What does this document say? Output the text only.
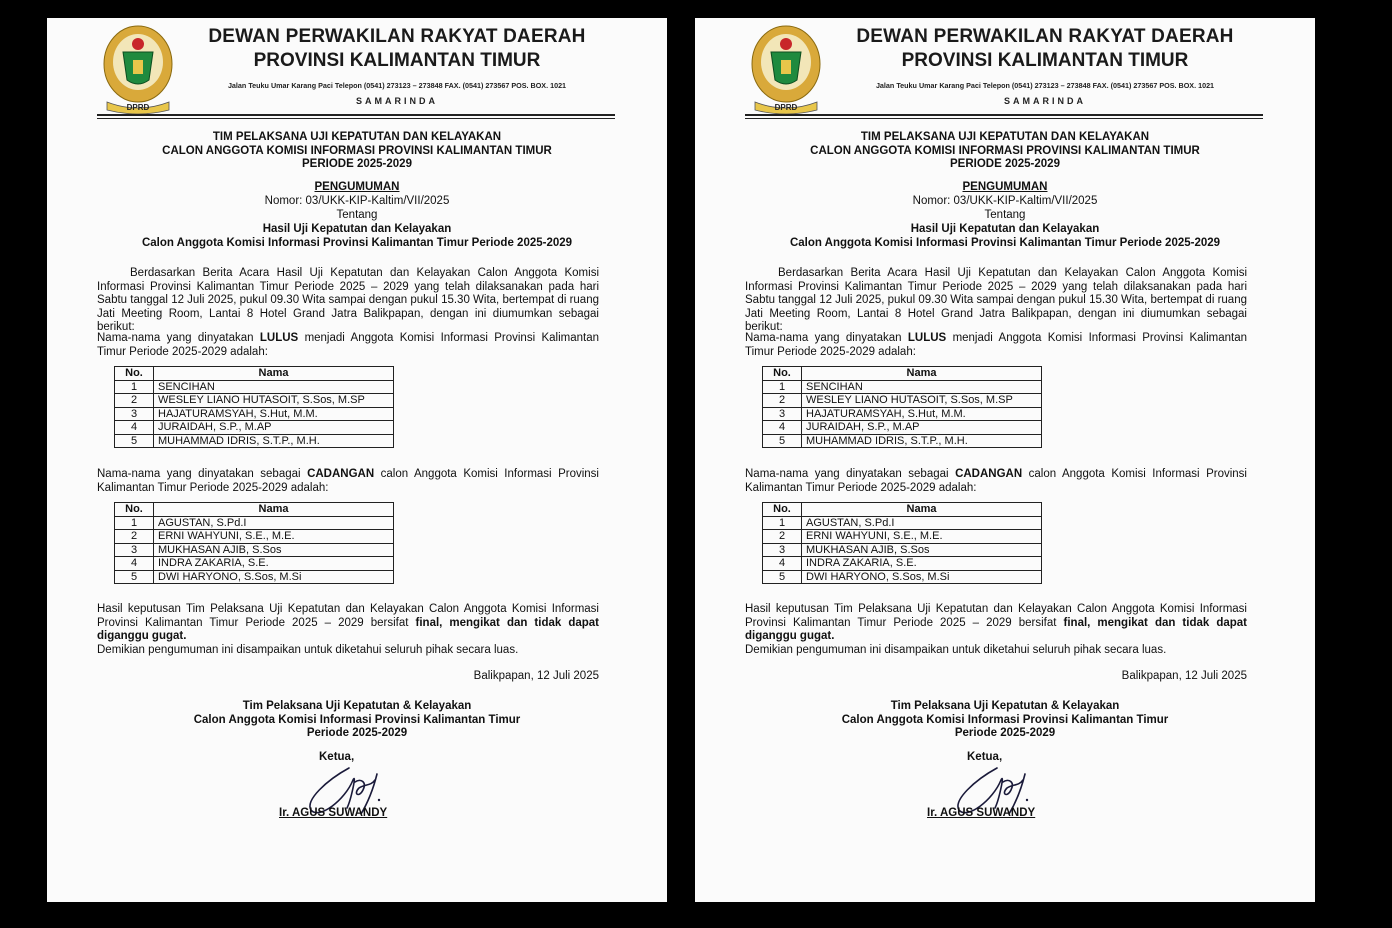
DPRD
DEWAN PERWAKILAN RAKYAT DAERAH
PROVINSI KALIMANTAN TIMUR
Jalan Teuku Umar Karang Paci Telepon (0541) 273123 – 273848 FAX. (0541) 273567 POS. BOX. 1021
SAMARINDA
TIM PELAKSANA UJI KEPATUTAN DAN KELAYAKAN
CALON ANGGOTA KOMISI INFORMASI PROVINSI KALIMANTAN TIMUR
PERIODE 2025-2029
PENGUMUMAN
Nomor: 03/UKK-KIP-Kaltim/VII/2025
Tentang
Hasil Uji Kepatutan dan Kelayakan
Calon Anggota Komisi Informasi Provinsi Kalimantan Timur Periode 2025-2029
Berdasarkan Berita Acara Hasil Uji Kepatutan dan Kelayakan Calon Anggota Komisi Informasi Provinsi Kalimantan Timur Periode 2025 – 2029 yang telah dilaksanakan pada hari Sabtu tanggal 12 Juli 2025, pukul 09.30 Wita sampai dengan pukul 15.30 Wita, bertempat di ruang Jati Meeting Room, Lantai 8 Hotel Grand Jatra Balikpapan, dengan ini diumumkan sebagai berikut:
Nama-nama yang dinyatakan LULUS menjadi Anggota Komisi Informasi Provinsi Kalimantan Timur Periode 2025-2029 adalah:
No.	Nama
1	SENCIHAN
2	WESLEY LIANO HUTASOIT, S.Sos, M.SP
3	HAJATURAMSYAH, S.Hut, M.M.
4	JURAIDAH, S.P., M.AP
5	MUHAMMAD IDRIS, S.T.P., M.H.
Nama-nama yang dinyatakan sebagai CADANGAN calon Anggota Komisi Informasi Provinsi Kalimantan Timur Periode 2025-2029 adalah:
No.	Nama
1	AGUSTAN, S.Pd.I
2	ERNI WAHYUNI, S.E., M.E.
3	MUKHASAN AJIB, S.Sos
4	INDRA ZAKARIA, S.E.
5	DWI HARYONO, S.Sos, M.Si
Hasil keputusan Tim Pelaksana Uji Kepatutan dan Kelayakan Calon Anggota Komisi Informasi Provinsi Kalimantan Timur Periode 2025 – 2029 bersifat final, mengikat dan tidak dapat diganggu gugat.
Demikian pengumuman ini disampaikan untuk diketahui seluruh pihak secara luas.
Balikpapan, 12 Juli 2025
Tim Pelaksana Uji Kepatutan & Kelayakan
Calon Anggota Komisi Informasi Provinsi Kalimantan Timur
Periode 2025-2029
Ketua,
Ir. AGUS SUWANDY
DPRD
DEWAN PERWAKILAN RAKYAT DAERAH
PROVINSI KALIMANTAN TIMUR
Jalan Teuku Umar Karang Paci Telepon (0541) 273123 – 273848 FAX. (0541) 273567 POS. BOX. 1021
SAMARINDA
TIM PELAKSANA UJI KEPATUTAN DAN KELAYAKAN
CALON ANGGOTA KOMISI INFORMASI PROVINSI KALIMANTAN TIMUR
PERIODE 2025-2029
PENGUMUMAN
Nomor: 03/UKK-KIP-Kaltim/VII/2025
Tentang
Hasil Uji Kepatutan dan Kelayakan
Calon Anggota Komisi Informasi Provinsi Kalimantan Timur Periode 2025-2029
Berdasarkan Berita Acara Hasil Uji Kepatutan dan Kelayakan Calon Anggota Komisi Informasi Provinsi Kalimantan Timur Periode 2025 – 2029 yang telah dilaksanakan pada hari Sabtu tanggal 12 Juli 2025, pukul 09.30 Wita sampai dengan pukul 15.30 Wita, bertempat di ruang Jati Meeting Room, Lantai 8 Hotel Grand Jatra Balikpapan, dengan ini diumumkan sebagai berikut:
Nama-nama yang dinyatakan LULUS menjadi Anggota Komisi Informasi Provinsi Kalimantan Timur Periode 2025-2029 adalah:
No.	Nama
1	SENCIHAN
2	WESLEY LIANO HUTASOIT, S.Sos, M.SP
3	HAJATURAMSYAH, S.Hut, M.M.
4	JURAIDAH, S.P., M.AP
5	MUHAMMAD IDRIS, S.T.P., M.H.
Nama-nama yang dinyatakan sebagai CADANGAN calon Anggota Komisi Informasi Provinsi Kalimantan Timur Periode 2025-2029 adalah:
No.	Nama
1	AGUSTAN, S.Pd.I
2	ERNI WAHYUNI, S.E., M.E.
3	MUKHASAN AJIB, S.Sos
4	INDRA ZAKARIA, S.E.
5	DWI HARYONO, S.Sos, M.Si
Hasil keputusan Tim Pelaksana Uji Kepatutan dan Kelayakan Calon Anggota Komisi Informasi Provinsi Kalimantan Timur Periode 2025 – 2029 bersifat final, mengikat dan tidak dapat diganggu gugat.
Demikian pengumuman ini disampaikan untuk diketahui seluruh pihak secara luas.
Balikpapan, 12 Juli 2025
Tim Pelaksana Uji Kepatutan & Kelayakan
Calon Anggota Komisi Informasi Provinsi Kalimantan Timur
Periode 2025-2029
Ketua,
Ir. AGUS SUWANDY
